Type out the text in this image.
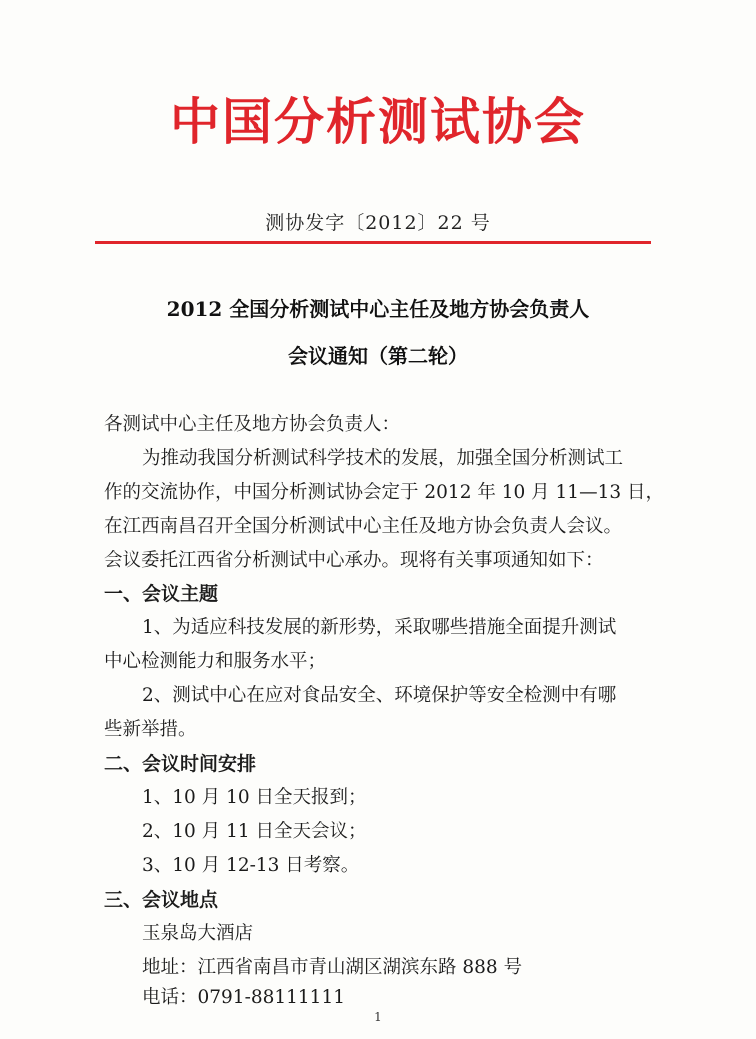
中国分析测试协会
测协发字〔2012〕22 号
2012 全国分析测试中心主任及地方协会负责人
会议通知（第二轮）
各测试中心主任及地方协会负责人：
为推动我国分析测试科学技术的发展，加强全国分析测试工
作的交流协作，中国分析测试协会定于 2012 年 10 月 11—13 日，
在江西南昌召开全国分析测试中心主任及地方协会负责人会议。
会议委托江西省分析测试中心承办。现将有关事项通知如下：
一、会议主题
1、为适应科技发展的新形势，采取哪些措施全面提升测试
中心检测能力和服务水平；
2、测试中心在应对食品安全、环境保护等安全检测中有哪
些新举措。
二、会议时间安排
1、10 月 10 日全天报到；
2、10 月 11 日全天会议；
3、10 月 12-13 日考察。
三、会议地点
玉泉岛大酒店
地址：江西省南昌市青山湖区湖滨东路 888 号
电话：0791-88111111
1
